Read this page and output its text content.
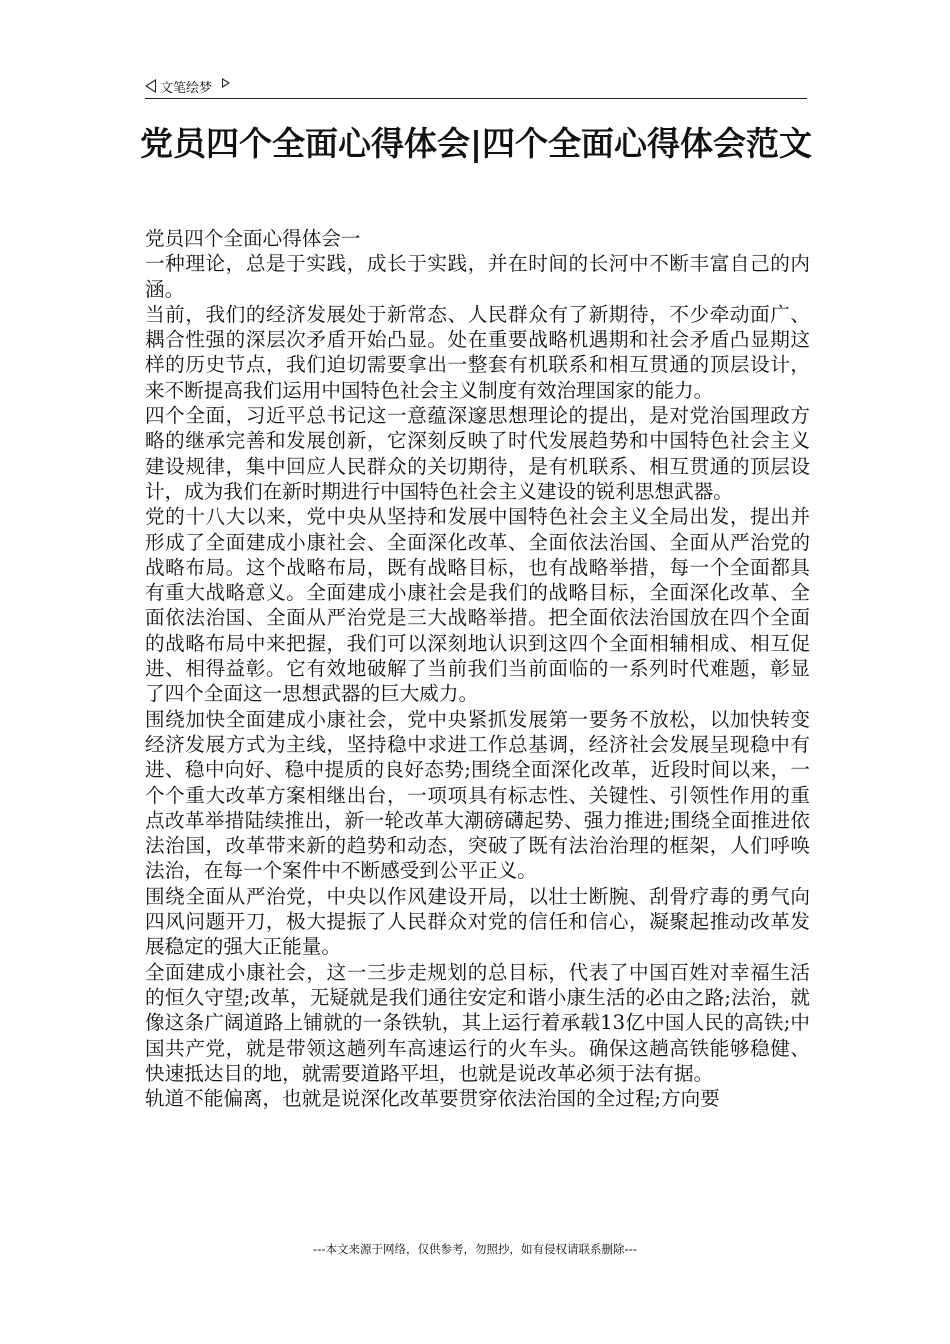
文笔绘梦
党员四个全面心得体会|四个全面心得体会范文

党员四个全面心得体会一

一种理论，总是于实践，成长于实践，并在时间的长河中不断丰富自己的内涵。

当前，我们的经济发展处于新常态、人民群众有了新期待，不少牵动面广、耦合性强的深层次矛盾开始凸显。处在重要战略机遇期和社会矛盾凸显期这样的历史节点，我们迫切需要拿出一整套有机联系和相互贯通的顶层设计，来不断提高我们运用中国特色社会主义制度有效治理国家的能力。

四个全面，习近平总书记这一意蕴深邃思想理论的提出，是对党治国理政方略的继承完善和发展创新，它深刻反映了时代发展趋势和中国特色社会主义建设规律，集中回应人民群众的关切期待，是有机联系、相互贯通的顶层设计，成为我们在新时期进行中国特色社会主义建设的锐利思想武器。

党的十八大以来，党中央从坚持和发展中国特色社会主义全局出发，提出并形成了全面建成小康社会、全面深化改革、全面依法治国、全面从严治党的战略布局。这个战略布局，既有战略目标，也有战略举措，每一个全面都具有重大战略意义。全面建成小康社会是我们的战略目标，全面深化改革、全面依法治国、全面从严治党是三大战略举措。把全面依法治国放在四个全面的战略布局中来把握，我们可以深刻地认识到这四个全面相辅相成、相互促进、相得益彰。它有效地破解了当前我们当前面临的一系列时代难题，彰显了四个全面这一思想武器的巨大威力。

围绕加快全面建成小康社会，党中央紧抓发展第一要务不放松，以加快转变经济发展方式为主线，坚持稳中求进工作总基调，经济社会发展呈现稳中有进、稳中向好、稳中提质的良好态势;围绕全面深化改革，近段时间以来，一个个重大改革方案相继出台，一项项具有标志性、关键性、引领性作用的重点改革举措陆续推出，新一轮改革大潮磅礴起势、强力推进;围绕全面推进依法治国，改革带来新的趋势和动态，突破了既有法治治理的框架，人们呼唤法治，在每一个案件中不断感受到公平正义。

围绕全面从严治党，中央以作风建设开局，以壮士断腕、刮骨疗毒的勇气向四风问题开刀，极大提振了人民群众对党的信任和信心，凝聚起推动改革发展稳定的强大正能量。

全面建成小康社会，这一三步走规划的总目标，代表了中国百姓对幸福生活的恒久守望;改革，无疑就是我们通往安定和谐小康生活的必由之路;法治，就像这条广阔道路上铺就的一条铁轨，其上运行着承载13亿中国人民的高铁;中国共产党，就是带领这趟列车高速运行的火车头。确保这趟高铁能够稳健、快速抵达目的地，就需要道路平坦，也就是说改革必须于法有据。

轨道不能偏离，也就是说深化改革要贯穿依法治国的全过程;方向要

---本文来源于网络，仅供参考，勿照抄，如有侵权请联系删除---
